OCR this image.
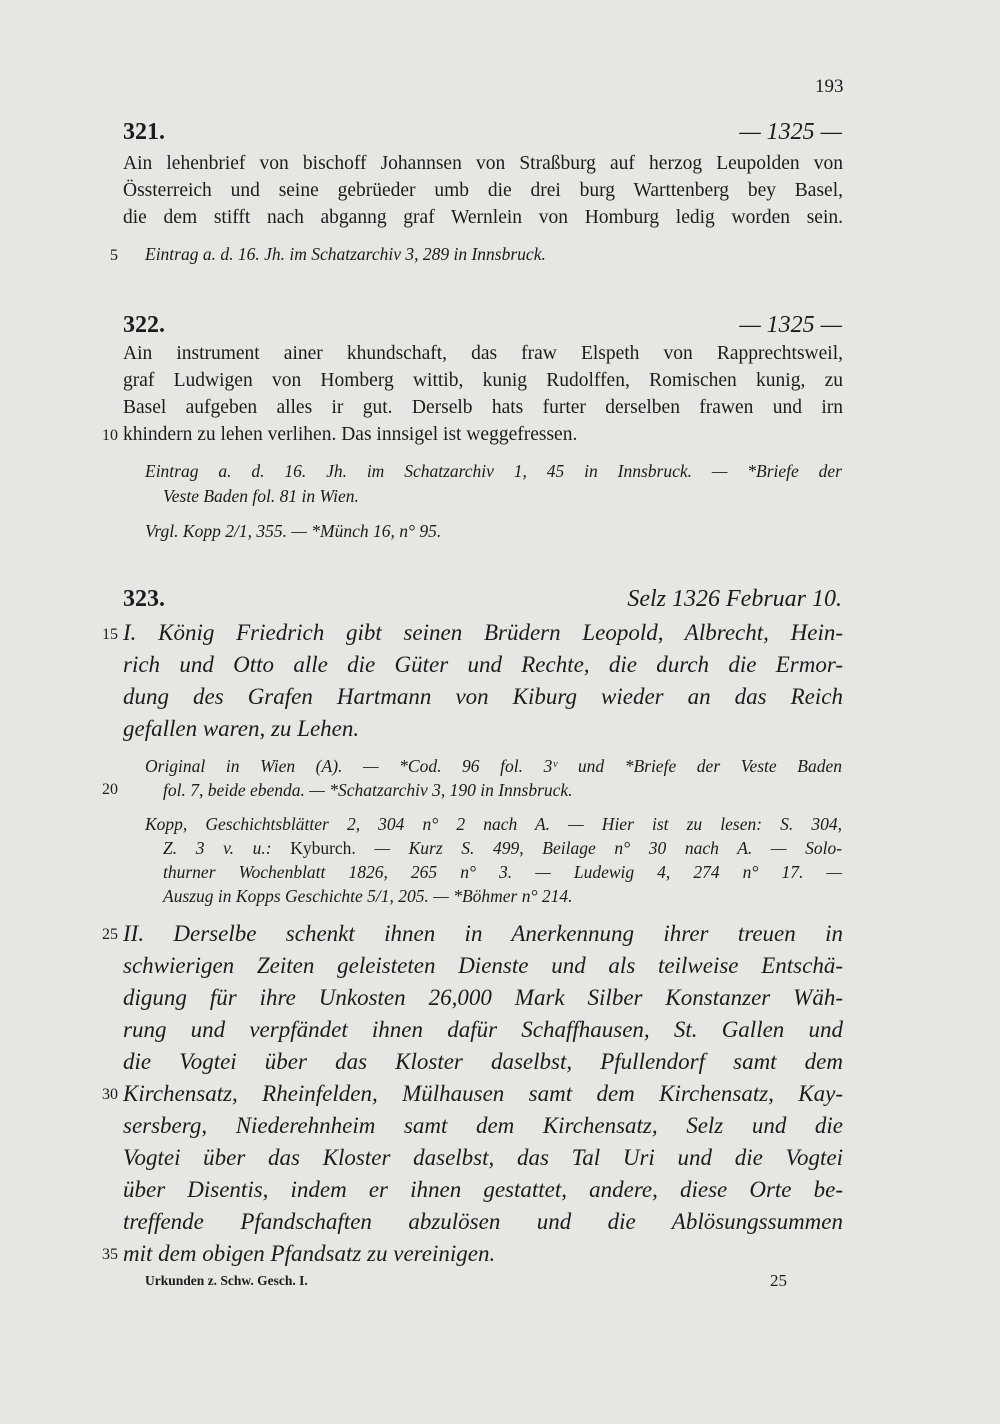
193
321.	— 1325 —
Ain lehenbrief von bischoff Johannsen von Straßburg auf herzog Leupolden von
Össterreich und seine gebrüeder umb die drei burg Warttenberg bey Basel,
die dem stifft nach abganng graf Wernlein von Homburg ledig worden sein.
Eintrag a. d. 16. Jh. im Schatzarchiv 3, 289 in Innsbruck.
322.	— 1325 —
Ain instrument ainer khundschaft, das fraw Elspeth von Rapprechtsweil,
graf Ludwigen von Homberg wittib, kunig Rudolffen, Romischen kunig, zu
Basel aufgeben alles ir gut. Derselb hats furter derselben frawen und irn
khindern zu lehen verlihen. Das innsigel ist weggefressen.
Eintrag a. d. 16. Jh. im Schatzarchiv 1, 45 in Innsbruck. — *Briefe der
Veste Baden fol. 81 in Wien.
Vrgl. Kopp 2/1, 355. — *Münch 16, n° 95.
323.	Selz 1326 Februar 10.
I. König Friedrich gibt seinen Brüdern Leopold, Albrecht, Hein-
rich und Otto alle die Güter und Rechte, die durch die Ermor-
dung des Grafen Hartmann von Kiburg wieder an das Reich
gefallen waren, zu Lehen.
Original in Wien (A). — *Cod. 96 fol. 3ᵛ und *Briefe der Veste Baden
fol. 7, beide ebenda. — *Schatzarchiv 3, 190 in Innsbruck.
Kopp, Geschichtsblätter 2, 304 n° 2 nach A. — Hier ist zu lesen: S. 304,
Z. 3 v. u.: Kyburch. — Kurz S. 499, Beilage n° 30 nach A. — Solo-
thurner Wochenblatt 1826, 265 n° 3. — Ludewig 4, 274 n° 17. —
Auszug in Kopps Geschichte 5/1, 205. — *Böhmer n° 214.
II. Derselbe schenkt ihnen in Anerkennung ihrer treuen in
schwierigen Zeiten geleisteten Dienste und als teilweise Entschä-
digung für ihre Unkosten 26,000 Mark Silber Konstanzer Wäh-
rung und verpfändet ihnen dafür Schaffhausen, St. Gallen und
die Vogtei über das Kloster daselbst, Pfullendorf samt dem
Kirchensatz, Rheinfelden, Mülhausen samt dem Kirchensatz, Kay-
sersberg, Niederehnheim samt dem Kirchensatz, Selz und die
Vogtei über das Kloster daselbst, das Tal Uri und die Vogtei
über Disentis, indem er ihnen gestattet, andere, diese Orte be-
treffende Pfandschaften abzulösen und die Ablösungssummen
mit dem obigen Pfandsatz zu vereinigen.
5
10
15
20
25
30
35
Urkunden z. Schw. Gesch. I.	25
